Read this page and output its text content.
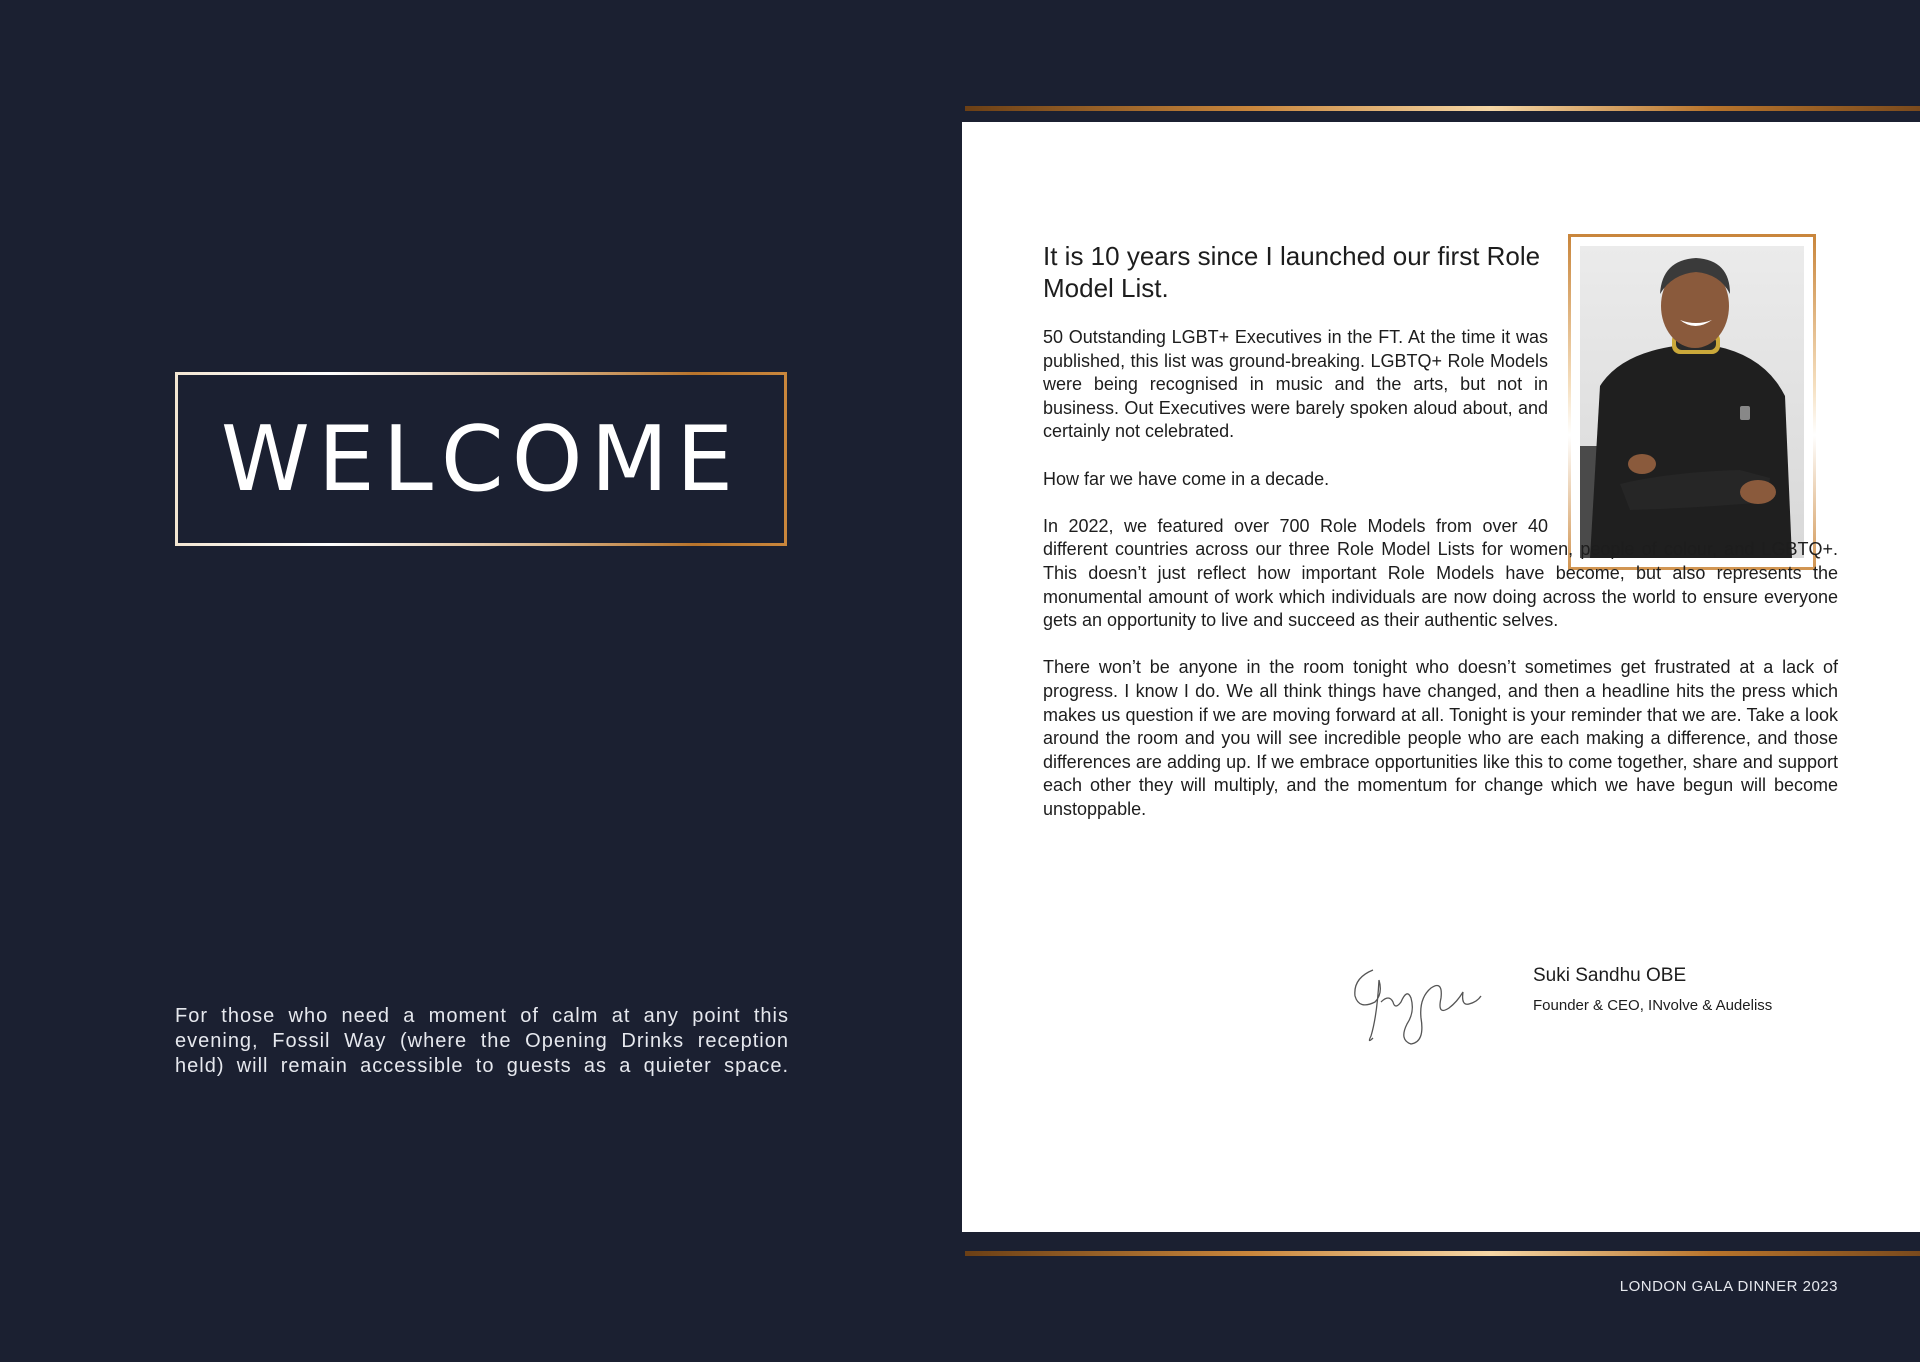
WELCOME
For those who need a moment of calm at any point this evening, Fossil Way (where the Opening Drinks reception held) will remain accessible to guests as a quieter space.
It is 10 years since I launched our first Role Model List.

50 Outstanding LGBT+ Executives in the FT. At the time it was published, this list was ground-breaking. LGBTQ+ Role Models were being recognised in music and the arts, but not in business. Out Executives were barely spoken aloud about, and certainly not celebrated.

How far we have come in a decade.

In 2022, we featured over 700 Role Models from over 40 different countries across our three Role Model Lists for women, people of colour, and LGBTQ+. This doesn’t just reflect how important Role Models have become, but also represents the monumental amount of work which individuals are now doing across the world to ensure everyone gets an opportunity to live and succeed as their authentic selves.

There won’t be anyone in the room tonight who doesn’t sometimes get frustrated at a lack of progress. I know I do. We all think things have changed, and then a headline hits the press which makes us question if we are moving forward at all. Tonight is your reminder that we are. Take a look around the room and you will see incredible people who are each making a difference, and those differences are adding up. If we embrace opportunities like this to come together, share and support each other they will multiply, and the momentum for change which we have begun will become unstoppable.

Suki Sandhu OBE
Founder & CEO, INvolve & Audeliss
LONDON GALA DINNER 2023
